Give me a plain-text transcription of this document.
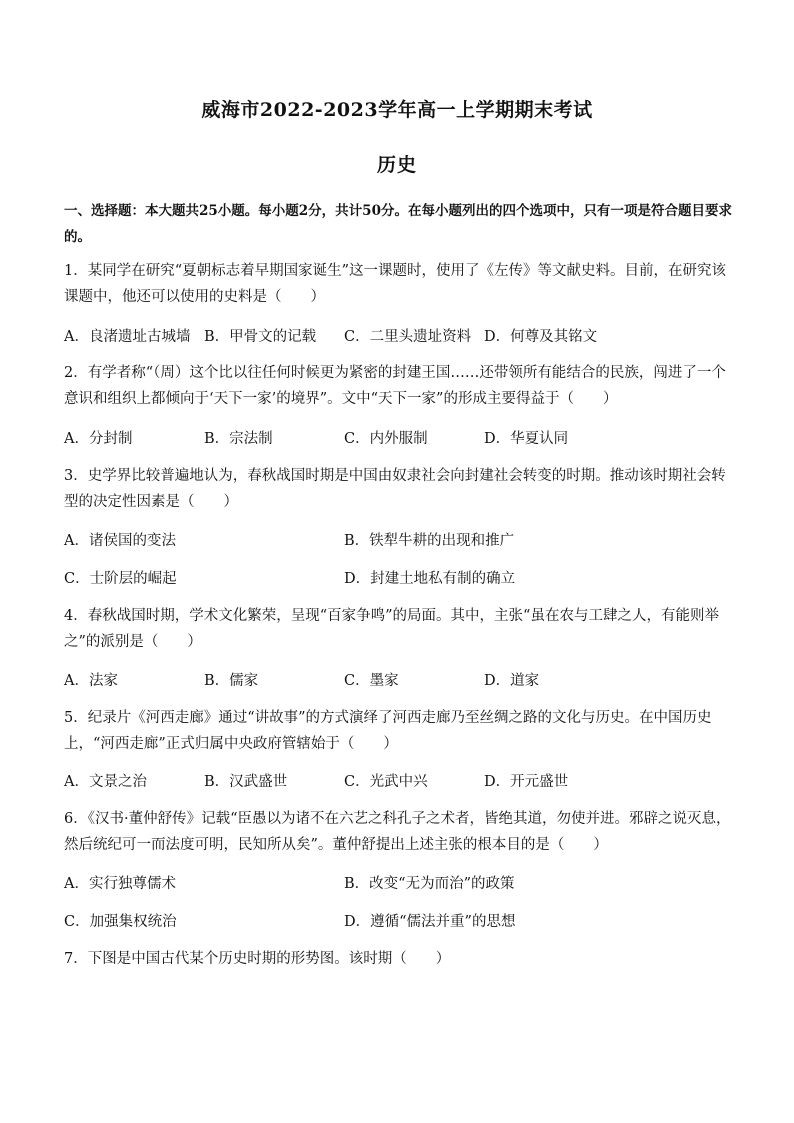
威海市2022-2023学年高一上学期期末考试
历史
一、选择题：本大题共25小题。每小题2分，共计50分。在每小题列出的四个选项中，只有一项是符合题目要求的。
1．某同学在研究“夏朝标志着早期国家诞生”这一课题时，使用了《左传》等文献史料。目前，在研究该课题中，他还可以使用的史料是（　　）
A．良渚遗址古城墙 B．甲骨文的记载 C．二里头遗址资料 D．何尊及其铭文
2．有学者称“（周）这个比以往任何时候更为紧密的封建王国……还带领所有能结合的民族，闯进了一个意识和组织上都倾向于‘天下一家’的境界”。文中“天下一家”的形成主要得益于（　　）
A．分封制	B．宗法制	C．内外服制	D．华夏认同
3．史学界比较普遍地认为，春秋战国时期是中国由奴隶社会向封建社会转变的时期。推动该时期社会转型的决定性因素是（　　）
A．诸侯国的变法	B．铁犁牛耕的出现和推广
C．士阶层的崛起	D．封建土地私有制的确立
4．春秋战国时期，学术文化繁荣，呈现“百家争鸣”的局面。其中，主张“虽在农与工肆之人，有能则举之”的派别是（　　）
A．法家	B．儒家	C．墨家	D．道家
5．纪录片《河西走廊》通过“讲故事”的方式演绎了河西走廊乃至丝绸之路的文化与历史。在中国历史上，“河西走廊”正式归属中央政府管辖始于（　　）
A．文景之治	B．汉武盛世	C．光武中兴	D．开元盛世
6．《汉书·董仲舒传》记载“臣愚以为诸不在六艺之科孔子之术者，皆绝其道，勿使并进。邪辟之说灭息，然后统纪可一而法度可明，民知所从矣”。董仲舒提出上述主张的根本目的是（　　）
A．实行独尊儒术	B．改变“无为而治”的政策
C．加强集权统治	D．遵循“儒法并重”的思想
7．下图是中国古代某个历史时期的形势图。该时期（　　）
